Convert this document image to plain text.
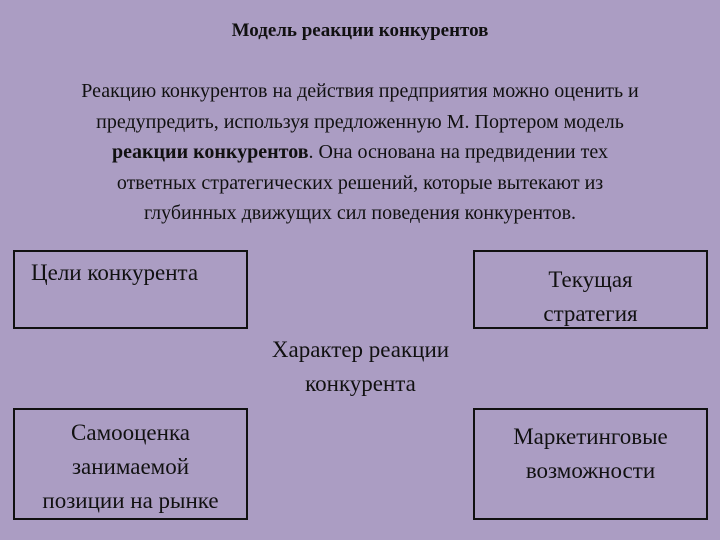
Модель реакции конкурентов
Реакцию конкурентов на действия предприятия можно оценить и
предупредить, используя предложенную М. Портером модель
реакции конкурентов. Она основана на предвидении тех
ответных стратегических решений, которые вытекают из
глубинных движущих сил поведения конкурентов.
Цели конкурента	Текущая
стратегия
Характер реакции
конкурента
Самооценка
занимаемой
позиции на рынке
Маркетинговые
возможности
